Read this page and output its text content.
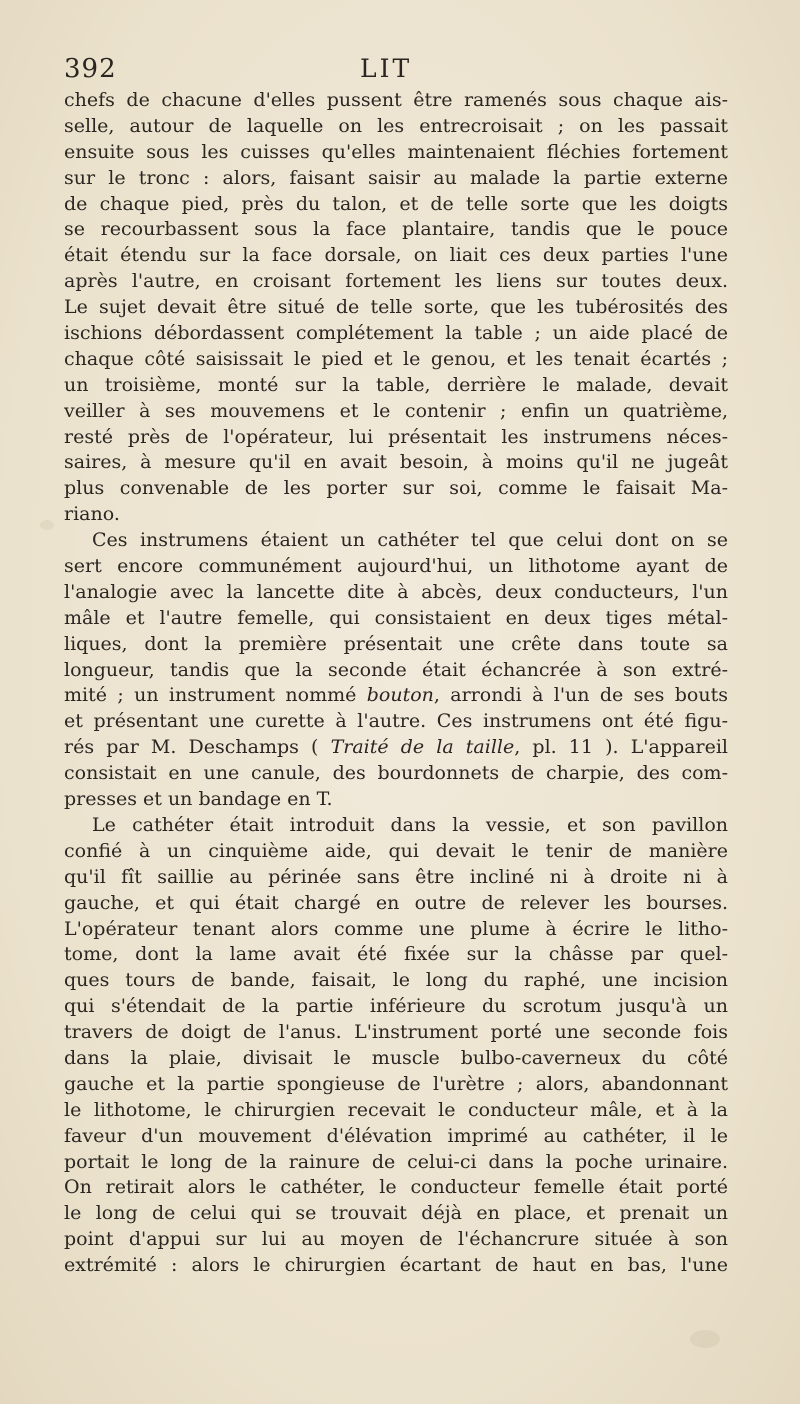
392	LIT
chefs de chacune d'elles pussent être ramenés sous chaque ais-
selle, autour de laquelle on les entrecroisait ; on les passait
ensuite sous les cuisses qu'elles maintenaient fléchies fortement
sur le tronc : alors, faisant saisir au malade la partie externe
de chaque pied, près du talon, et de telle sorte que les doigts
se recourbassent sous la face plantaire, tandis que le pouce
était étendu sur la face dorsale, on liait ces deux parties l'une
après l'autre, en croisant fortement les liens sur toutes deux.
Le sujet devait être situé de telle sorte, que les tubérosités des
ischions débordassent complétement la table ; un aide placé de
chaque côté saisissait le pied et le genou, et les tenait écartés ;
un troisième, monté sur la table, derrière le malade, devait
veiller à ses mouvemens et le contenir ; enfin un quatrième,
resté près de l'opérateur, lui présentait les instrumens néces-
saires, à mesure qu'il en avait besoin, à moins qu'il ne jugeât
plus convenable de les porter sur soi, comme le faisait Ma-
riano.
Ces instrumens étaient un cathéter tel que celui dont on se
sert encore communément aujourd'hui, un lithotome ayant de
l'analogie avec la lancette dite à abcès, deux conducteurs, l'un
mâle et l'autre femelle, qui consistaient en deux tiges métal-
liques, dont la première présentait une crête dans toute sa
longueur, tandis que la seconde était échancrée à son extré-
mité ; un instrument nommé bouton, arrondi à l'un de ses bouts
et présentant une curette à l'autre. Ces instrumens ont été figu-
rés par M. Deschamps ( Traité de la taille, pl. 11 ). L'appareil
consistait en une canule, des bourdonnets de charpie, des com-
presses et un bandage en T.
Le cathéter était introduit dans la vessie, et son pavillon
confié à un cinquième aide, qui devait le tenir de manière
qu'il fît saillie au périnée sans être incliné ni à droite ni à
gauche, et qui était chargé en outre de relever les bourses.
L'opérateur tenant alors comme une plume à écrire le litho-
tome, dont la lame avait été fixée sur la châsse par quel-
ques tours de bande, faisait, le long du raphé, une incision
qui s'étendait de la partie inférieure du scrotum jusqu'à un
travers de doigt de l'anus. L'instrument porté une seconde fois
dans la plaie, divisait le muscle bulbo-caverneux du côté
gauche et la partie spongieuse de l'urètre ; alors, abandonnant
le lithotome, le chirurgien recevait le conducteur mâle, et à la
faveur d'un mouvement d'élévation imprimé au cathéter, il le
portait le long de la rainure de celui-ci dans la poche urinaire.
On retirait alors le cathéter, le conducteur femelle était porté
le long de celui qui se trouvait déjà en place, et prenait un
point d'appui sur lui au moyen de l'échancrure située à son
extrémité : alors le chirurgien écartant de haut en bas, l'une
